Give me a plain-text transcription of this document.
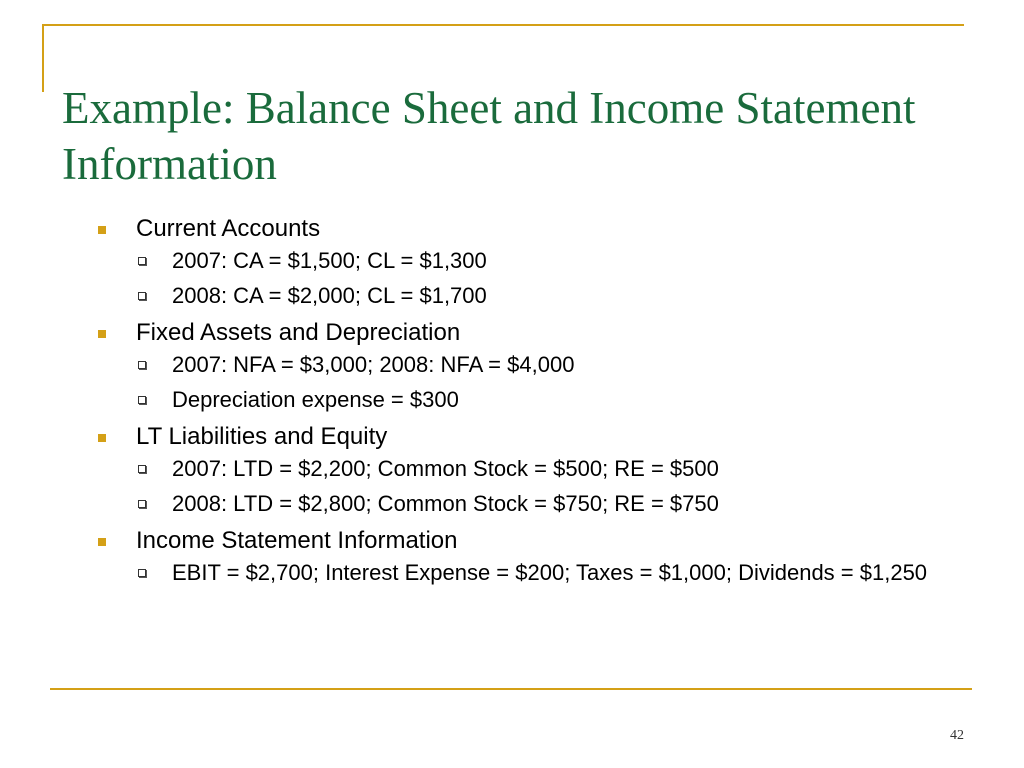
Example: Balance Sheet and Income Statement Information
Current Accounts
2007: CA = $1,500; CL = $1,300
2008: CA = $2,000; CL = $1,700
Fixed Assets and Depreciation
2007: NFA = $3,000; 2008: NFA = $4,000
Depreciation expense = $300
LT Liabilities and Equity
2007: LTD = $2,200; Common Stock = $500; RE = $500
2008: LTD = $2,800; Common Stock = $750; RE = $750
Income Statement Information
EBIT = $2,700; Interest Expense = $200; Taxes = $1,000; Dividends = $1,250
42
